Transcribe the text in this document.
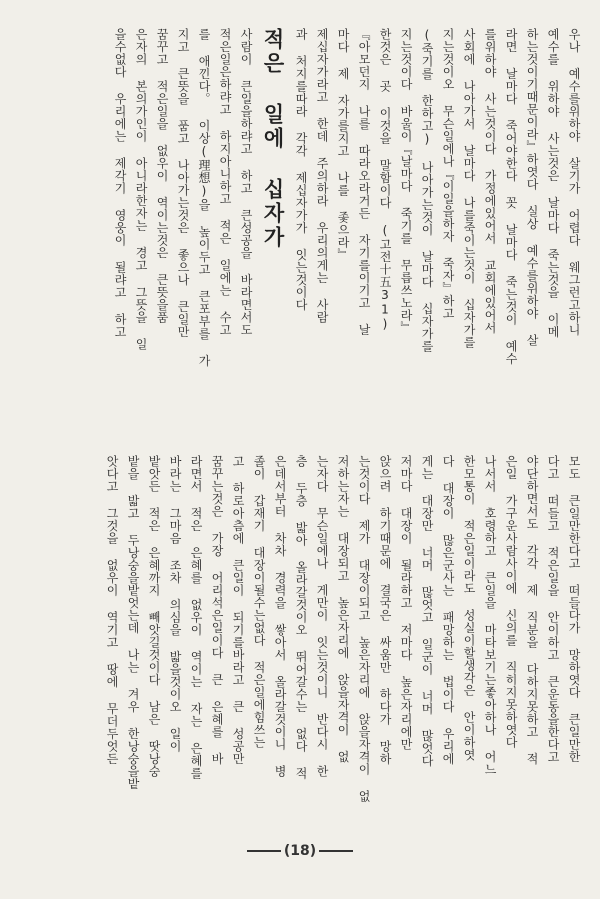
우나 예수를위하야 살기가 어렵다 웨그런고하니
예수를 위하야 사는것은 날마다 죽는것을 이메
하는것이기때문이라』하엿다 실상 예수를위하야 살
라면 날마다 죽어야한다 꼿 날마다 죽는것이 예수
를위하야 사는것이다 가정에있어서 교회에있어서
사회에 나아가서 날마다 나를죽이는것이 십자가를
지는것이오 무슨일에나『이일을하자 죽자』하고
(죽기를 한하고) 나아가는것이 날마다 십자가를
지는것이다 바울이『날마다 죽기를 무릅쓰노라』
한것은 곳 이것을 말함이다 (고전十五31)
『아모던지 나를 따라오라거든 자기를이기고 날
마다 제 자가를지고 나를 좇으라』
제십자가라고 한데 주의하라 우리의게는 사람
과 처지를따라 각각 제십자가가 잇는것이다
적은 일에 십자가
사람이 큰일을하랴고 하고 큰성공을 바라면서도
적은일은하랴고 하지아니하고 적은 일에는 수고
를 애낀다。 이상(理想)을 높이두고 큰포부를 가
지고 큰뜻을 품고 나아가는것은 좋으나 큰일만
꿈꾸고 적은일을 없우이 역이는것은 큰뜻을품
은자의 본의가인이 아니라한자는 경고 그뜻을 일
을수없다 우리에는 제각기 영웅이 될랴고 하고
모도 큰일만한다고 떠들다가 망하엿다 큰일만한
다고 떠들고 적은일을 안이하고 큰운동을한다고
야단하면서도 각각 제 직분을 다하지못하고 적
은일 가구운사람사이에 신의를 직히지못하엿다
나서서 호령하고 큰일을 마타보기는좋아하나 어느
한모통이 적은일이라도 성실이할생각은 안이하엿
다 대장이 많은군사는 패망하는 법이다 우리에
게는 대장만 너머 많엇고 일군이 너머 많엇다
저마다 대장이 될라하고 저마다 높은자리에만
앉으려 하기때문에 결국은 싸움만 하다가 망하
는것이다 제가 대장이되고 높은자리에 앉을자격이 없
저하는자는 대장되고 높은자리에 앉을자격이 없
는자다 무슨일에나 게만이 잇는것이니 반다시 한
층 두층 밟아 올라갈것이오 뛰어갈수는 없다 적
은데서부터 차차 경력을 쌓아서 올라갈것이니 병
졸이 갑재기 대장이될수는없다 적은일에힘쓰는
고 하로아츰에 큰일이 되기를바라고 큰 성공만
꿈꾸는것은 가장 어리석은일이다 큰 은혜를 바
라면서 적은 은혜를 없우이 역이는 자는 은혜를
바라는 그마음 조차 의심을 밟을것이오 일이
밭앗든 적은 은혜까지 빼앗길것이다 남은 땃낭숭
밭을 밟고 두낭숭을밭엇는데 나는 겨우 한낭숭을밭
앗다고 그것을 없우이 역기고 땅에 무더두엇든
(18)
